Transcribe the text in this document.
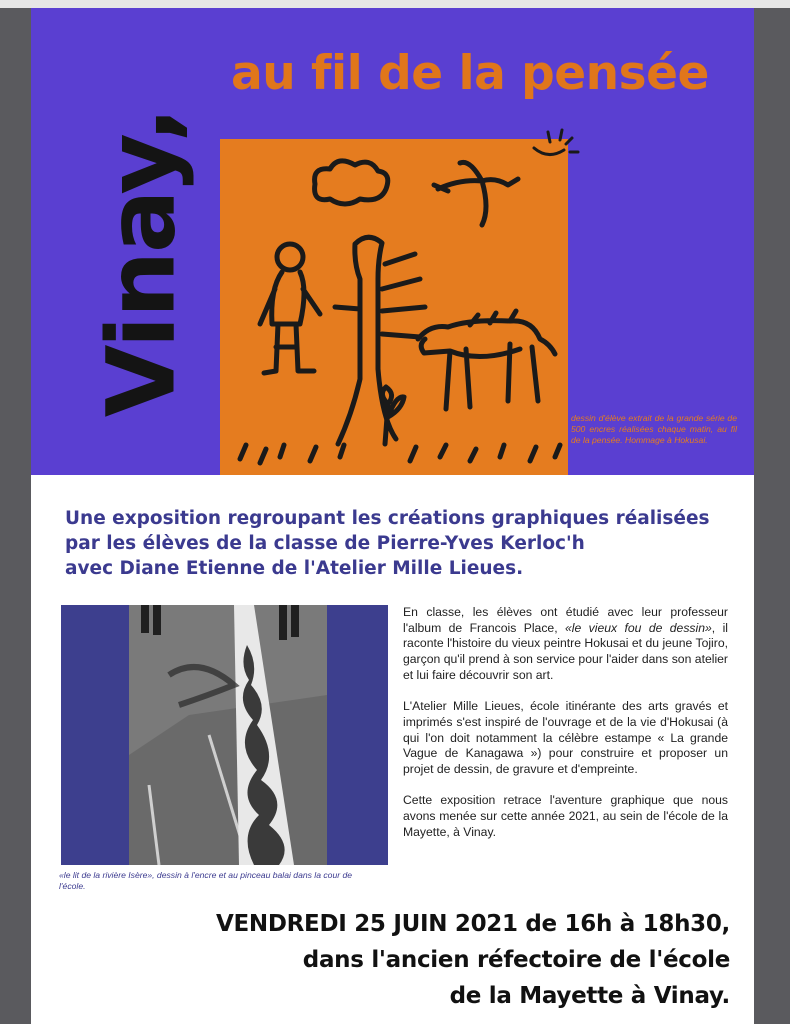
au fil de la pensée
Vinay,
dessin d'élève extrait de la grande série de 500 encres réalisées chaque matin, au fil de la pensée. Hommage à Hokusai.
Une exposition regroupant les créations graphiques réalisées
par les élèves de la classe de Pierre-Yves Kerloc'h
avec Diane Etienne de l'Atelier Mille Lieues.
«le lit de la rivière Isère», dessin à l'encre et au pinceau balai dans la cour de l'école.

En classe, les élèves ont étudié avec leur professeur l'album de Francois Place, «le vieux fou de dessin», il raconte l'histoire du vieux peintre Hokusai et du jeune Tojiro, garçon qu'il prend à son service pour l'aider dans son atelier et lui faire découvrir son art.

L'Atelier Mille Lieues, école itinérante des arts gravés et imprimés s'est inspiré de l'ouvrage et de la vie d'Hokusai (à qui l'on doit notamment la célèbre estampe « La grande Vague de Kanagawa ») pour construire et proposer un projet de dessin, de gravure et d'empreinte.

Cette exposition retrace l'aventure graphique que nous avons menée sur cette année 2021, au sein de l'école de la Mayette, à Vinay.

VENDREDI 25 JUIN 2021 de 16h à 18h30,
dans l'ancien réfectoire de l'école
de la Mayette à Vinay.
